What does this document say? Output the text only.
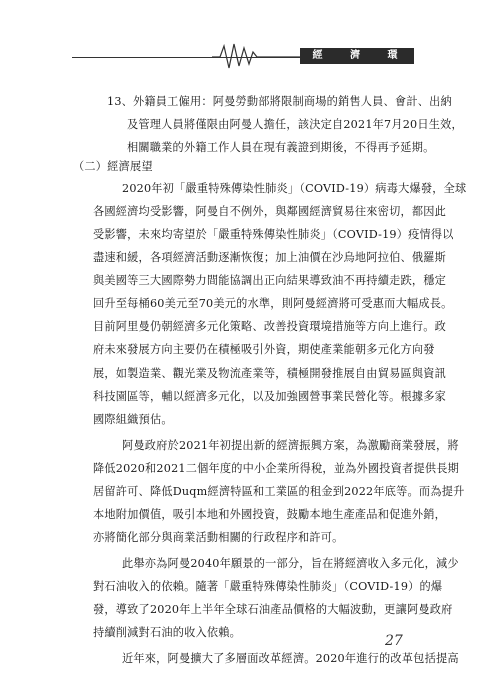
經 濟 環 境
13、外籍員工僱用：阿曼勞動部將限制商場的銷售人員、會計、出納
及管理人員將僅限由阿曼人擔任，該決定自2021年7月20日生效，
相關職業的外籍工作人員在現有義證到期後，不得再予延期。
（二）經濟展望
2020年初「嚴重特殊傳染性肺炎」（COVID-19）病毒大爆發，全球
各國經濟均受影響，阿曼自不例外，與鄰國經濟貿易往來密切，都因此
受影響，未來均寄望於「嚴重特殊傳染性肺炎」（COVID-19）疫情得以
盡速和緩，各項經濟活動逐漸恢復；加上油價在沙烏地阿拉伯、俄羅斯
與美國等三大國際勢力間能協調出正向結果導致油不再持續走跌，穩定
回升至每桶60美元至70美元的水準，則阿曼經濟將可受惠而大幅成長。
目前阿里曼仍朝經濟多元化策略、改善投資環境措施等方向上進行。政
府未來發展方向主要仍在積極吸引外資，期使產業能朝多元化方向發
展，如製造業、觀光業及物流產業等，積極開發推展自由貿易區與資訊
科技園區等，輔以經濟多元化，以及加強國營事業民營化等。根據多家
國際組織預估。
阿曼政府於2021年初提出新的經濟振興方案，為激勵商業發展，將
降低2020和2021二個年度的中小企業所得稅，並為外國投資者提供長期
居留許可、降低Duqm經濟特區和工業區的租金到2022年底等。而為提升
本地附加價值，吸引本地和外國投資，鼓勵本地生產產品和促進外銷，
亦將簡化部分與商業活動相關的行政程序和許可。
此舉亦為阿曼2040年願景的一部分，旨在將經濟收入多元化，減少
對石油收入的依賴。隨著「嚴重特殊傳染性肺炎」（COVID-19）的爆
發，導致了2020年上半年全球石油產品價格的大幅波動，更讓阿曼政府
持續削減對石油的收入依賴。
近年來，阿曼擴大了多層面改革經濟。2020年進行的改革包括提高
27
